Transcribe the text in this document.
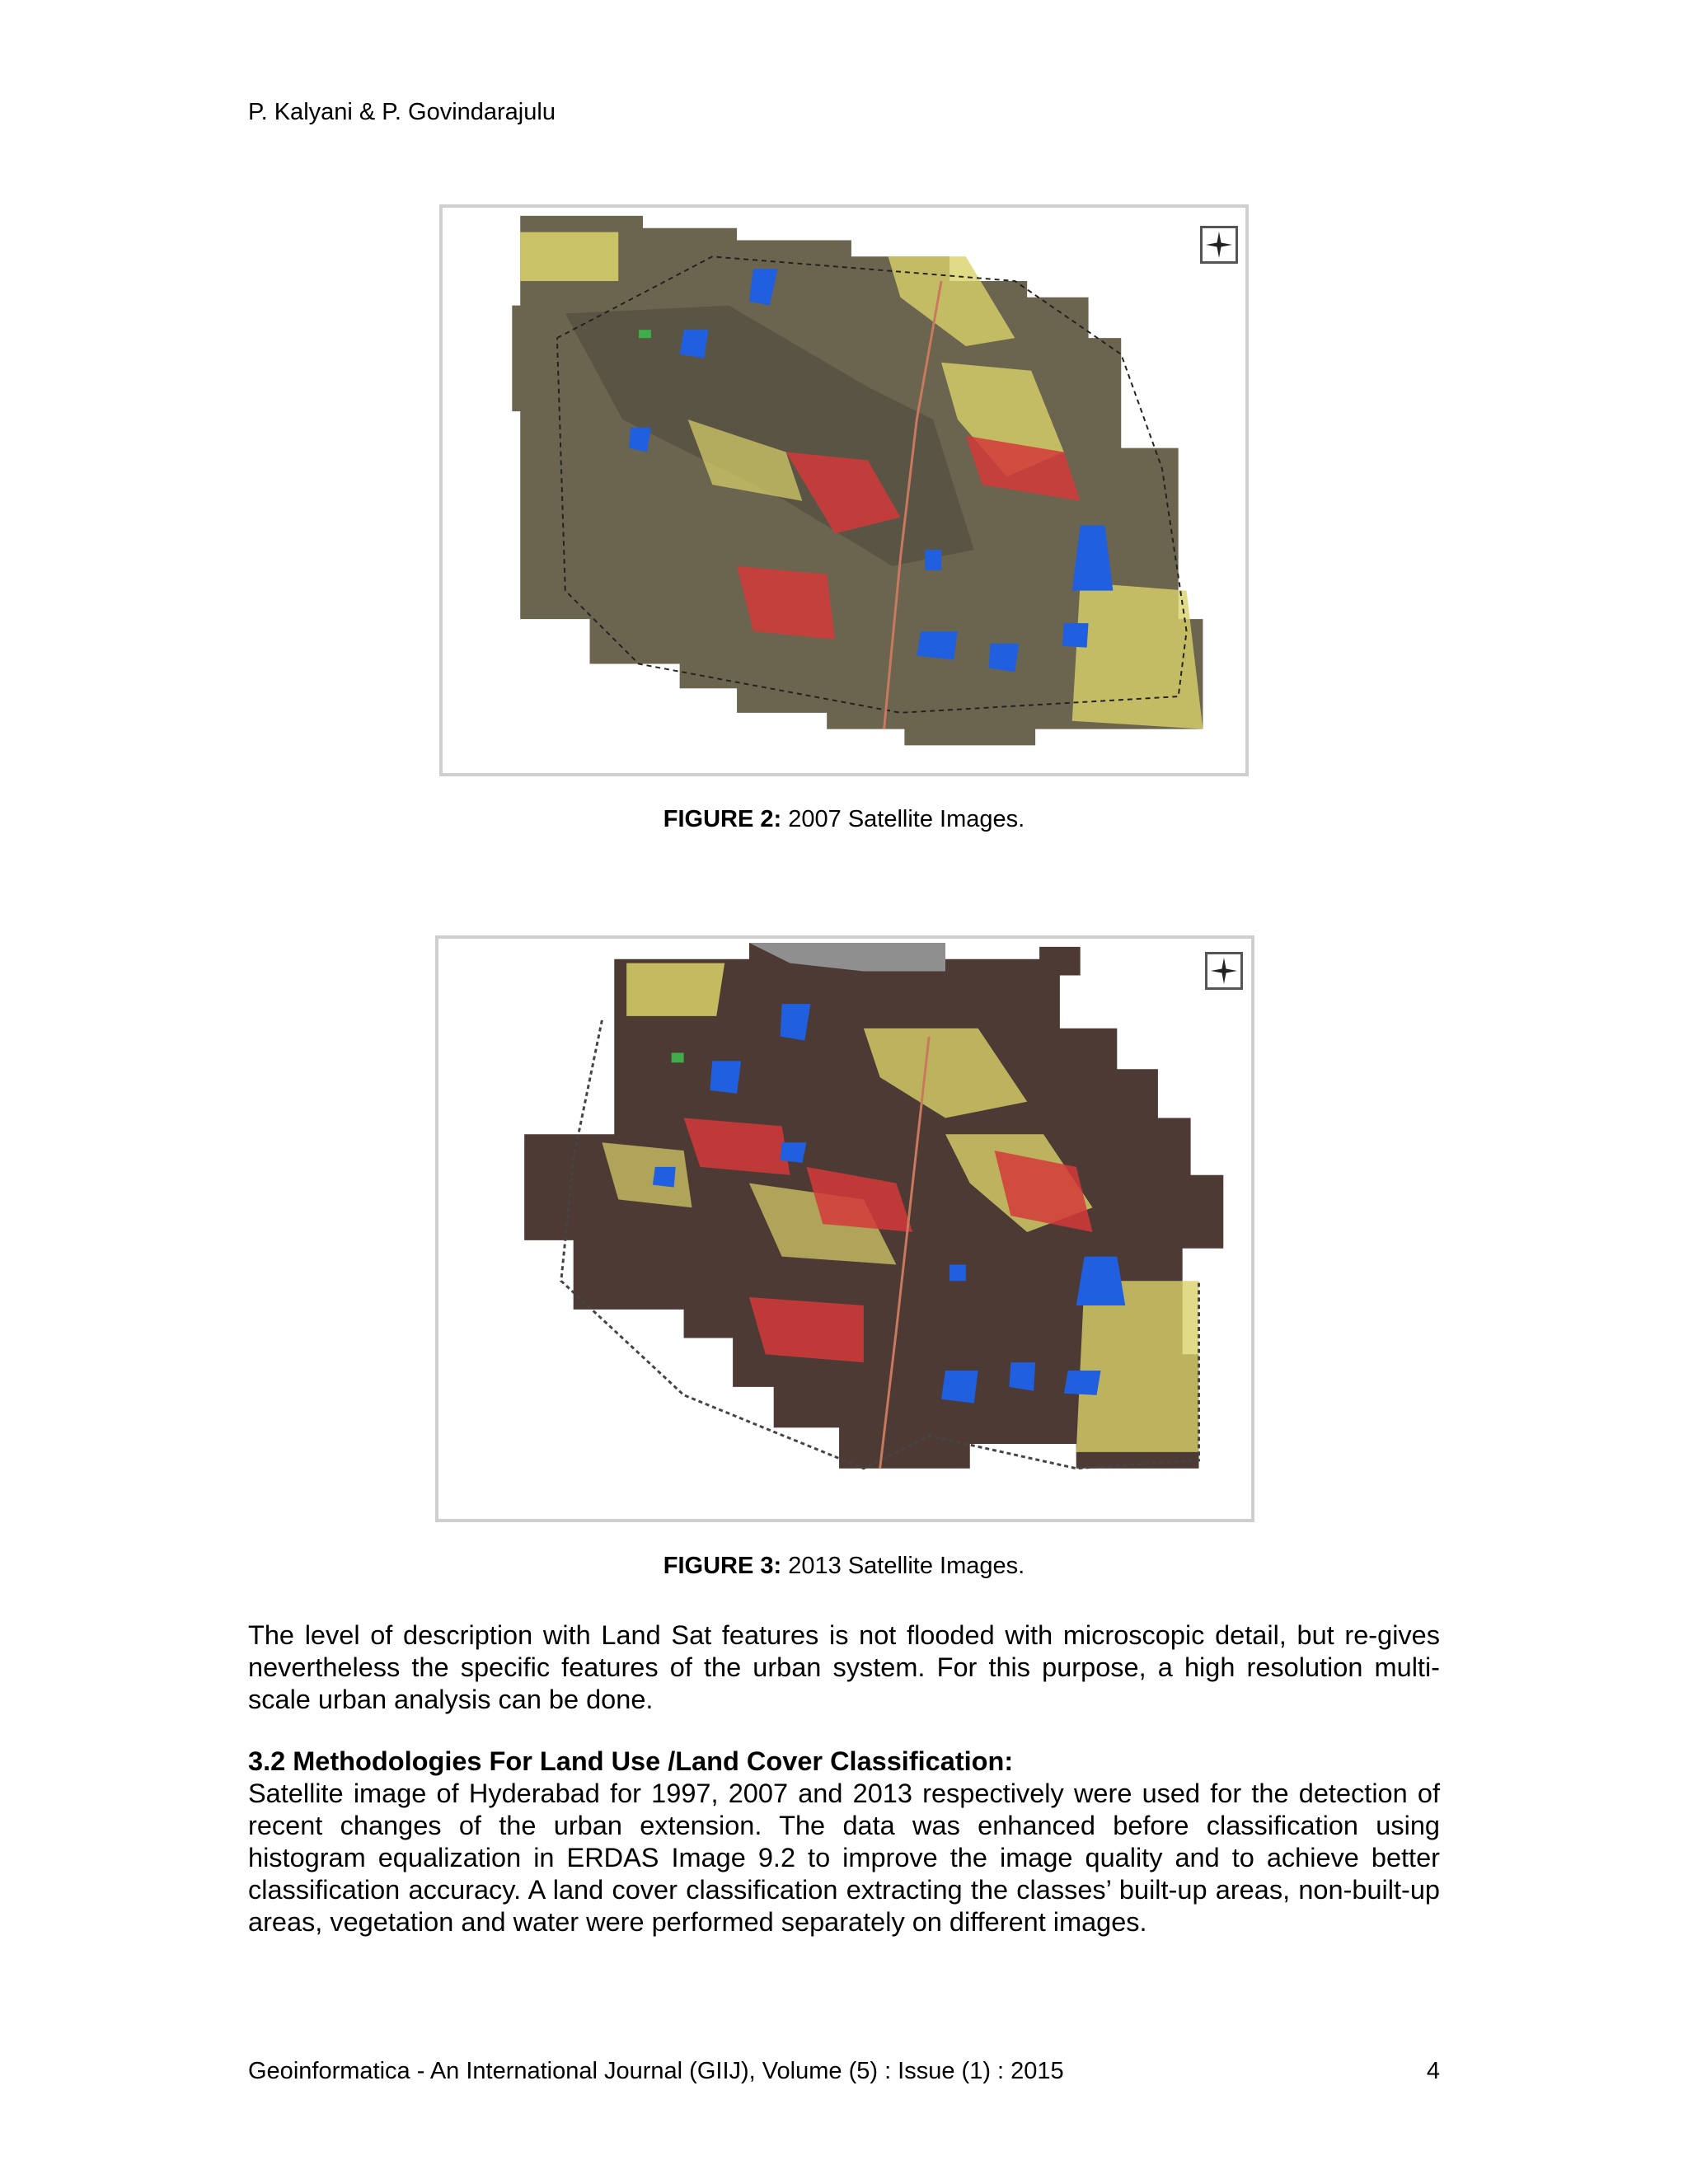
P. Kalyani & P. Govindarajulu
FIGURE 2: 2007 Satellite Images.
FIGURE 3: 2013 Satellite Images.
The level of description with Land Sat features is not flooded with microscopic detail, but re-gives nevertheless the specific features of the urban system. For this purpose, a high resolution multi-scale urban analysis can be done.
3.2 Methodologies For Land Use /Land Cover Classification:
Satellite image of Hyderabad for 1997, 2007 and 2013 respectively were used for the detection of recent changes of the urban extension. The data was enhanced before classification using histogram equalization in ERDAS Image 9.2 to improve the image quality and to achieve better classification accuracy. A land cover classification extracting the classes’ built-up areas, non-built-up areas, vegetation and water were performed separately on different images.
Geoinformatica - An International Journal (GIIJ), Volume (5) : Issue (1) : 2015	4
